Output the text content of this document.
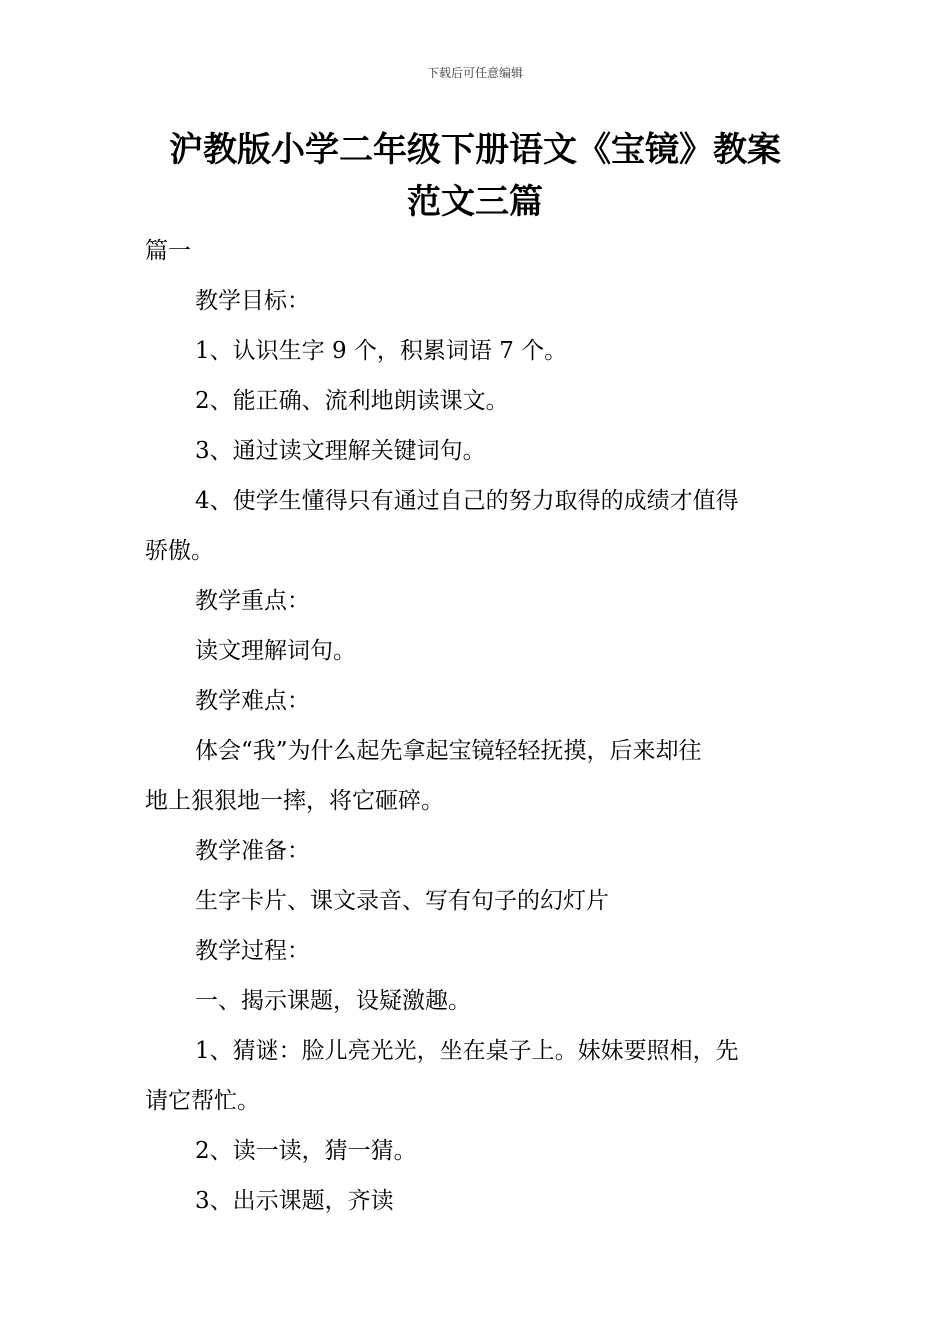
下载后可任意编辑
沪教版小学二年级下册语文《宝镜》教案
范文三篇
篇一
教学目标：
1、认识生字 9 个，积累词语 7 个。
2、能正确、流利地朗读课文。
3、通过读文理解关键词句。
4、使学生懂得只有通过自己的努力取得的成绩才值得
骄傲。
教学重点：
读文理解词句。
教学难点：
体会“我”为什么起先拿起宝镜轻轻抚摸，后来却往
地上狠狠地一摔，将它砸碎。
教学准备：
生字卡片、课文录音、写有句子的幻灯片
教学过程：
一、揭示课题，设疑激趣。
1、猜谜：脸儿亮光光，坐在桌子上。妹妹要照相，先
请它帮忙。
2、读一读，猜一猜。
3、出示课题，齐读
